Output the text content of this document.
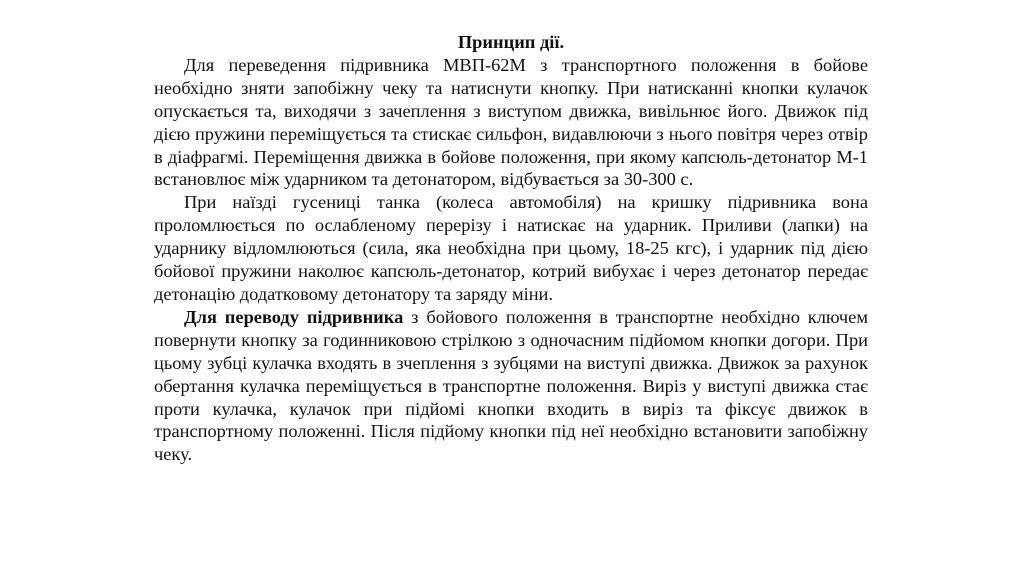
Принцип дії.

Для переведення підривника МВП-62М з транспортного положення в бойове необхідно зняти запобіжну чеку та натиснути кнопку. При натисканні кнопки кулачок опускається та, виходячи з зачеплення з виступом движка, вивільнює його. Движок під дією пружини переміщується та стискає сильфон, видавлюючи з нього повітря через отвір в діафрагмі. Переміщення движка в бойове положення, при якому капсюль-детонатор М-1 встановлює між ударником та детонатором, відбувається за 30-300 с.

При наїзді гусениці танка (колеса автомобіля) на кришку підривника вона проломлюється по ослабленому перерізу і натискає на ударник. Приливи (лапки) на ударнику відломлюються (сила, яка необхідна при цьому, 18-25 кгс), і ударник під дією бойової пружини наколює капсюль-детонатор, котрий вибухає і через детонатор передає детонацію додатковому детонатору та заряду міни.

Для переводу підривника з бойового положення в транспортне необхідно ключем повернути кнопку за годинниковою стрілкою з одночасним підйомом кнопки догори. При цьому зубці кулачка входять в зчеплення з зубцями на виступі движка. Движок за рахунок обертання кулачка переміщується в транспортне положення. Виріз у виступі движка стає проти кулачка, кулачок при підйомі кнопки входить в виріз та фіксує движок в транспортному положенні. Після підйому кнопки під неї необхідно встановити запобіжну чеку.
